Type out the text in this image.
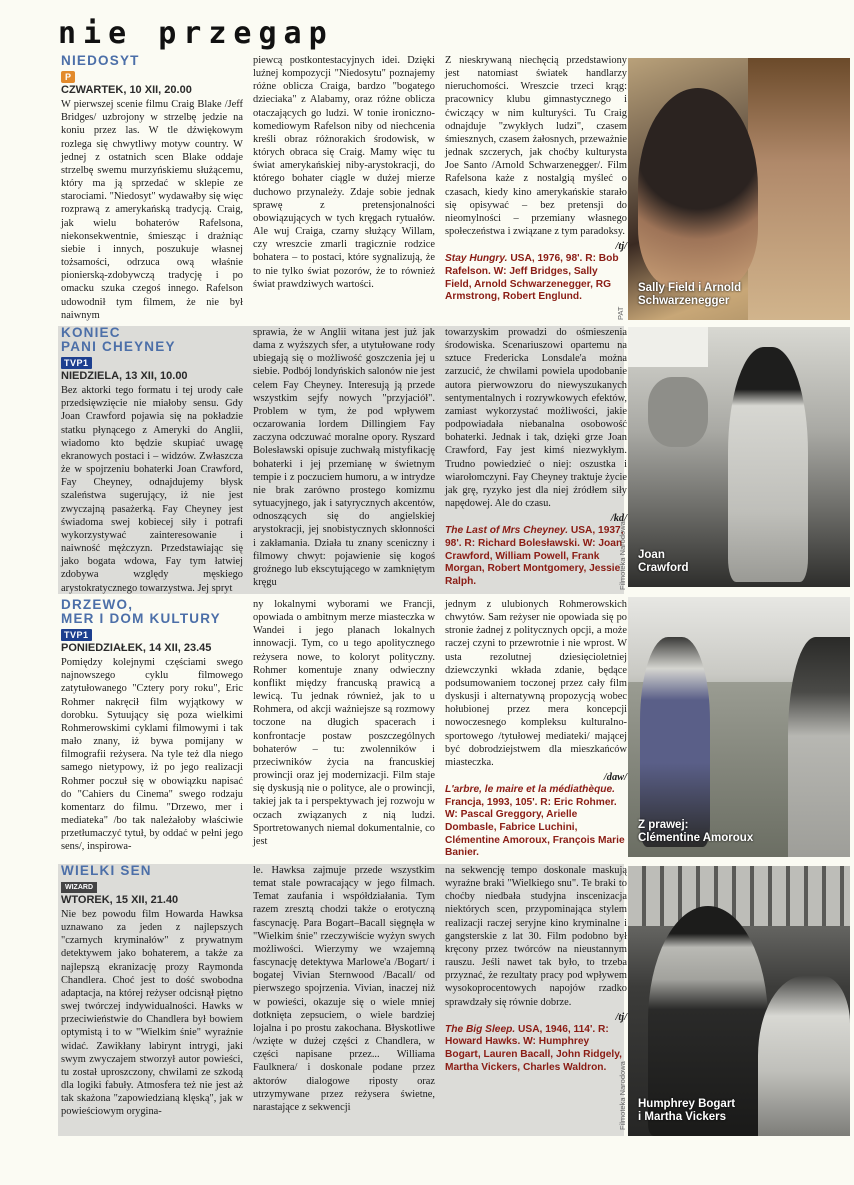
nie przegap
NIEDOSYT
P
CZWARTEK, 10 XII, 20.00
W pierwszej scenie filmu Craig Blake /Jeff Bridges/ uzbrojony w strzelbę jedzie na koniu przez las. W tle dźwiękowym rozlega się chwytliwy motyw country. W jednej z ostatnich scen Blake oddaje strzelbę swemu murzyńskiemu służącemu, który ma ją sprzedać w sklepie ze starociami. "Niedosyt" wydawałby się więc rozprawą z amerykańską tradycją. Craig, jak wielu bohaterów Rafelsona, niekonsekwentnie, śmiesząc i drażniąc siebie i innych, poszukuje własnej tożsamości, odrzuca ową właśnie pionierską-zdobywczą tradycję i po omacku szuka czegoś innego. Rafelson udowodnił tym filmem, że nie był naiwnym
piewcą postkontestacyjnych idei. Dzięki luźnej kompozycji "Niedosytu" poznajemy różne oblicza Craiga, bardzo "bogatego dzieciaka" z Alabamy, oraz różne oblicza otaczających go ludzi. W tonie ironiczno-komediowym Rafelson niby od niechcenia kreśli obraz różnorakich środowisk, w których obraca się Craig. Mamy więc tu świat amerykańskiej niby-arystokracji, do którego bohater ciągle w dużej mierze duchowo przynależy. Zdaje sobie jednak sprawę z pretensjonalności obowiązujących w tych kręgach rytuałów. Ale wuj Craiga, czarny służący Willam, czy wreszcie zmarli tragicznie rodzice bohatera – to postaci, które sygnalizują, że to nie tylko świat pozorów, że to również świat prawdziwych wartości.
Z nieskrywaną niechęcią przedstawiony jest natomiast światek handlarzy nieruchomości. Wreszcie trzeci krąg: pracownicy klubu gimnastycznego i ćwiczący w nim kulturyści. Tu Craig odnajduje "zwykłych ludzi", czasem śmiesznych, czasem żałosnych, przeważnie jednak szczerych, jak choćby kulturysta Joe Santo /Arnold Schwarzenegger/. Film Rafelsona każe z nostalgią myśleć o czasach, kiedy kino amerykańskie starało się opisywać – bez pretensji do nieomylności – przemiany własnego społeczeństwa i związane z tym paradoksy.
/tj/
Stay Hungry. USA, 1976, 98'. R: Bob Rafelson. W: Jeff Bridges, Sally Field, Arnold Schwarzenegger, RG Armstrong, Robert Englund.
Sally Field i Arnold
Schwarzenegger
PAT
KONIEC
PANI CHEYNEY
TVP1
NIEDZIELA, 13 XII, 10.00
Bez aktorki tego formatu i tej urody całe przedsięwzięcie nie miałoby sensu. Gdy Joan Crawford pojawia się na pokładzie statku płynącego z Ameryki do Anglii, wiadomo kto będzie skupiać uwagę ekranowych postaci i – widzów. Zwłaszcza że w spojrzeniu bohaterki Joan Crawford, Fay Cheyney, odnajdujemy błysk szaleństwa sugerujący, iż nie jest zwyczajną pasażerką. Fay Cheyney jest świadoma swej kobiecej siły i potrafi wykorzystywać zainteresowanie i naiwność mężczyzn. Przedstawiając się jako bogata wdowa, Fay tym łatwiej zdobywa względy męskiego arystokratycznego towarzystwa. Jej spryt
sprawia, że w Anglii witana jest już jak dama z wyższych sfer, a utytułowane rody ubiegają się o możliwość goszczenia jej u siebie. Podbój londyńskich salonów nie jest celem Fay Cheyney. Interesują ją przede wszystkim sejfy nowych "przyjaciół". Problem w tym, że pod wpływem oczarowania lordem Dillingiem Fay zaczyna odczuwać moralne opory. Ryszard Bolesławski opisuje zuchwałą mistyfikację bohaterki i jej przemianę w świetnym tempie i z poczuciem humoru, a w intrydze nie brak zarówno prostego komizmu sytuacyjnego, jak i satyrycznych akcentów, odnoszących się do angielskiej arystokracji, jej snobistycznych skłonności i zakłamania. Działa tu znany sceniczny i filmowy chwyt: pojawienie się kogoś groźnego lub ekscytującego w zamkniętym kręgu
towarzyskim prowadzi do ośmieszenia środowiska. Scenariuszowi opartemu na sztuce Fredericka Lonsdale'a można zarzucić, że chwilami powiela upodobanie autora pierwowzoru do niewyszukanych sentymentalnych i rozrywkowych efektów, zamiast wykorzystać możliwości, jakie podpowiadała niebanalna osobowość bohaterki. Jednak i tak, dzięki grze Joan Crawford, Fay jest kimś niezwykłym. Trudno powiedzieć o niej: oszustka i wiarołomczyni. Fay Cheyney traktuje życie jak grę, ryzyko jest dla niej źródłem siły napędowej. Ale do czasu.
/kd/
The Last of Mrs Cheyney. USA, 1937, 98'. R: Richard Bolesławski. W: Joan Crawford, William Powell, Frank Morgan, Robert Montgomery, Jessie Ralph.
Joan
Crawford
Filmoteka Narodowa
DRZEWO,
MER I DOM KULTURY
TVP1
PONIEDZIAŁEK, 14 XII, 23.45
Pomiędzy kolejnymi częściami swego najnowszego cyklu filmowego zatytułowanego "Cztery pory roku", Eric Rohmer nakręcił film wyjątkowy w dorobku. Sytuujący się poza wielkimi Rohmerowskimi cyklami filmowymi i tak mało znany, iż bywa pomijany w filmografii reżysera. Na tyle też dla niego samego nietypowy, iż po jego realizacji Rohmer poczuł się w obowiązku napisać do "Cahiers du Cinema" swego rodzaju komentarz do filmu. "Drzewo, mer i mediateka" /bo tak należałoby właściwie przetłumaczyć tytuł, by oddać w pełni jego sens/, inspirowa-
ny lokalnymi wyborami we Francji, opowiada o ambitnym merze miasteczka w Wandei i jego planach lokalnych innowacji. Tym, co u tego apolitycznego reżysera nowe, to koloryt polityczny. Rohmer komentuje znany odwieczny konflikt między francuską prawicą a lewicą. Tu jednak również, jak to u Rohmera, od akcji ważniejsze są rozmowy toczone na długich spacerach i konfrontacje postaw poszczególnych bohaterów – tu: zwolenników i przeciwników życia na francuskiej prowincji oraz jej modernizacji. Film staje się dyskusją nie o polityce, ale o prowincji, takiej jak ta i perspektywach jej rozwoju w oczach związanych z nią ludzi. Sportretowanych niemal dokumentalnie, co jest
jednym z ulubionych Rohmerowskich chwytów. Sam reżyser nie opowiada się po stronie żadnej z politycznych opcji, a może raczej czyni to przewrotnie i nie wprost. W usta rezolutnej dziesięcioletniej dziewczynki wkłada zdanie, będące podsumowaniem toczonej przez cały film dyskusji i alternatywną propozycją wobec hołubionej przez mera koncepcji nowoczesnego kompleksu kulturalno-sportowego /tytułowej mediateki/ mającej być dobrodziejstwem dla mieszkańców miasteczka.
/daw/
L'arbre, le maire et la médiathèque. Francja, 1993, 105'. R: Eric Rohmer. W: Pascal Greggory, Arielle Dombasle, Fabrice Luchini, Clémentine Amoroux, François Marie Banier.
Z prawej:
Clémentine Amoroux
WIELKI SEN
WIZARD
WTOREK, 15 XII, 21.40
Nie bez powodu film Howarda Hawksa uznawano za jeden z najlepszych "czarnych kryminałów" z prywatnym detektywem jako bohaterem, a także za najlepszą ekranizację prozy Raymonda Chandlera. Choć jest to dość swobodna adaptacja, na której reżyser odcisnął piętno swej twórczej indywidualności. Hawks w przeciwieństwie do Chandlera był bowiem optymistą i to w "Wielkim śnie" wyraźnie widać. Zawikłany labirynt intrygi, jaki swym zwyczajem stworzył autor powieści, tu został uproszczony, chwilami ze szkodą dla logiki fabuły. Atmosfera też nie jest aż tak skażona "zapowiedzianą klęską", jak w powieściowym orygina-
le. Hawksa zajmuje przede wszystkim temat stale powracający w jego filmach. Temat zaufania i współdziałania. Tym razem zresztą chodzi także o erotyczną fascynację. Para Bogart–Bacall sięgnęła w "Wielkim śnie" rzeczywiście wyżyn swych możliwości. Wierzymy we wzajemną fascynację detektywa Marlowe'a /Bogart/ i bogatej Vivian Sternwood /Bacall/ od pierwszego spojrzenia. Vivian, inaczej niż w powieści, okazuje się o wiele mniej dotknięta zepsuciem, o wiele bardziej lojalna i po prostu zakochana. Błyskotliwe /wzięte w dużej części z Chandlera, w części napisane przez... Williama Faulknera/ i doskonale podane przez aktorów dialogowe riposty oraz utrzymywane przez reżysera świetne, narastające z sekwencji
na sekwencję tempo doskonale maskują wyraźne braki "Wielkiego snu". Te braki to choćby niedbała studyjna inscenizacja niektórych scen, przypominająca stylem realizacji raczej seryjne kino kryminalne i gangsterskie z lat 30. Film podobno był kręcony przez twórców na nieustannym rauszu. Jeśli nawet tak było, to trzeba przyznać, że rezultaty pracy pod wpływem wysokoprocentowych napojów rzadko sprawdzały się równie dobrze.
/tj/
The Big Sleep. USA, 1946, 114'. R: Howard Hawks. W: Humphrey Bogart, Lauren Bacall, John Ridgely, Martha Vickers, Charles Waldron.
Humphrey Bogart
i Martha Vickers
Filmoteka Narodowa
